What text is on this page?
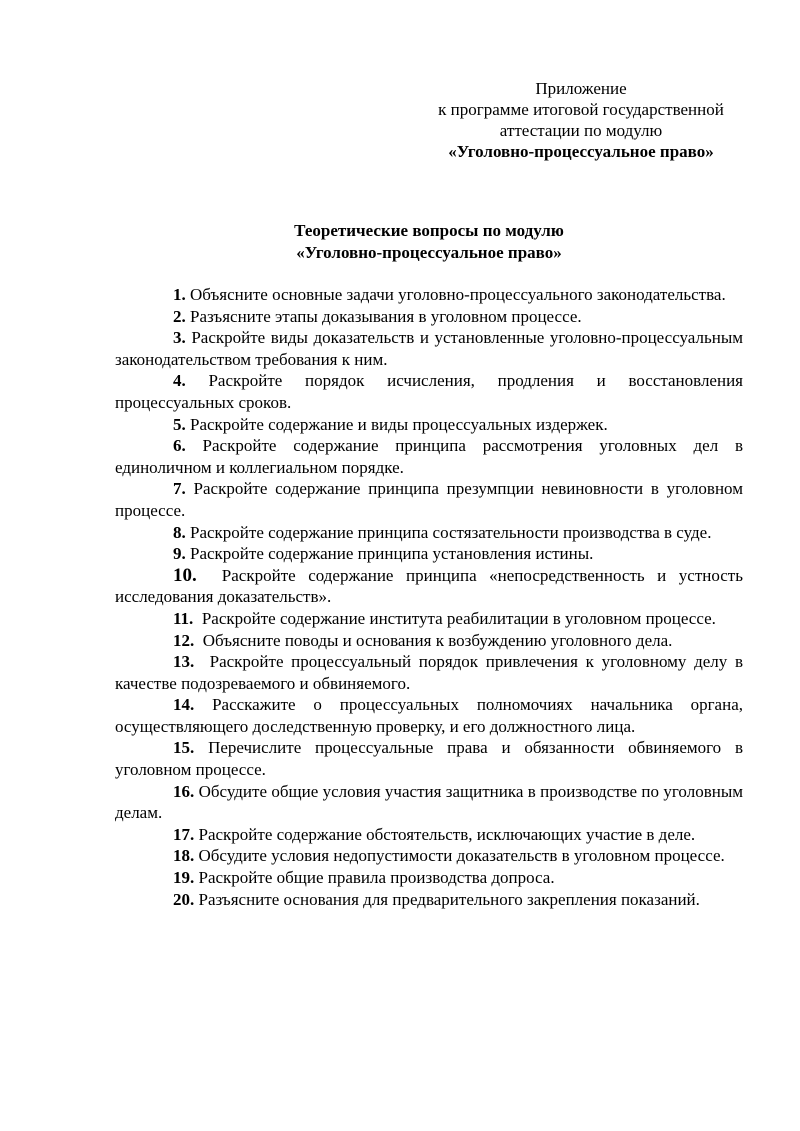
Приложение
к программе итоговой государственной
аттестации по модулю
«Уголовно-процессуальное право»
Теоретические вопросы по модулю
«Уголовно-процессуальное право»
1. Объясните основные задачи уголовно-процессуального законодательства.
2. Разъясните этапы доказывания в уголовном процессе.
3. Раскройте виды доказательств и установленные уголовно-процессуальным законодательством требования к ним.
4. Раскройте порядок исчисления, продления и восстановления процессуальных сроков.
5. Раскройте содержание и виды процессуальных издержек.
6. Раскройте содержание принципа рассмотрения уголовных дел в единоличном и коллегиальном порядке.
7. Раскройте содержание принципа презумпции невиновности в уголовном процессе.
8. Раскройте содержание принципа состязательности производства в суде.
9. Раскройте содержание принципа установления истины.
10. Раскройте содержание принципа «непосредственность и устность исследования доказательств».
11. Раскройте содержание института реабилитации в уголовном процессе.
12. Объясните поводы и основания к возбуждению уголовного дела.
13. Раскройте процессуальный порядок привлечения к уголовному делу в качестве подозреваемого и обвиняемого.
14. Расскажите о процессуальных полномочиях начальника органа, осуществляющего доследственную проверку, и его должностного лица.
15. Перечислите процессуальные права и обязанности обвиняемого в уголовном процессе.
16. Обсудите общие условия участия защитника в производстве по уголовным делам.
17. Раскройте содержание обстоятельств, исключающих участие в деле.
18. Обсудите условия недопустимости доказательств в уголовном процессе.
19. Раскройте общие правила производства допроса.
20. Разъясните основания для предварительного закрепления показаний.
